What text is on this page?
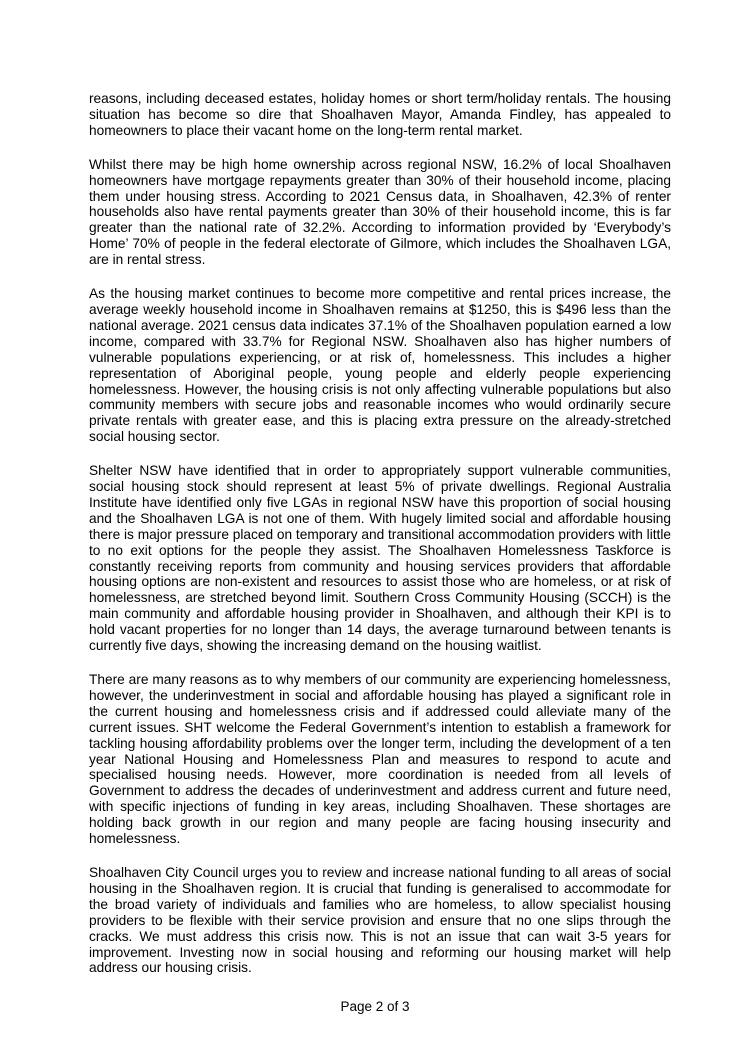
reasons, including deceased estates, holiday homes or short term/holiday rentals. The housing situation has become so dire that Shoalhaven Mayor, Amanda Findley, has appealed to homeowners to place their vacant home on the long-term rental market.

Whilst there may be high home ownership across regional NSW, 16.2% of local Shoalhaven homeowners have mortgage repayments greater than 30% of their household income, placing them under housing stress. According to 2021 Census data, in Shoalhaven, 42.3% of renter households also have rental payments greater than 30% of their household income, this is far greater than the national rate of 32.2%. According to information provided by ‘Everybody’s Home’ 70% of people in the federal electorate of Gilmore, which includes the Shoalhaven LGA, are in rental stress.

As the housing market continues to become more competitive and rental prices increase, the average weekly household income in Shoalhaven remains at $1250, this is $496 less than the national average. 2021 census data indicates 37.1% of the Shoalhaven population earned a low income, compared with 33.7% for Regional NSW. Shoalhaven also has higher numbers of vulnerable populations experiencing, or at risk of, homelessness. This includes a higher representation of Aboriginal people, young people and elderly people experiencing homelessness. However, the housing crisis is not only affecting vulnerable populations but also community members with secure jobs and reasonable incomes who would ordinarily secure private rentals with greater ease, and this is placing extra pressure on the already-stretched social housing sector.

Shelter NSW have identified that in order to appropriately support vulnerable communities, social housing stock should represent at least 5% of private dwellings. Regional Australia Institute have identified only five LGAs in regional NSW have this proportion of social housing and the Shoalhaven LGA is not one of them. With hugely limited social and affordable housing there is major pressure placed on temporary and transitional accommodation providers with little to no exit options for the people they assist. The Shoalhaven Homelessness Taskforce is constantly receiving reports from community and housing services providers that affordable housing options are non-existent and resources to assist those who are homeless, or at risk of homelessness, are stretched beyond limit. Southern Cross Community Housing (SCCH) is the main community and affordable housing provider in Shoalhaven, and although their KPI is to hold vacant properties for no longer than 14 days, the average turnaround between tenants is currently five days, showing the increasing demand on the housing waitlist.

There are many reasons as to why members of our community are experiencing homelessness, however, the underinvestment in social and affordable housing has played a significant role in the current housing and homelessness crisis and if addressed could alleviate many of the current issues. SHT welcome the Federal Government’s intention to establish a framework for tackling housing affordability problems over the longer term, including the development of a ten year National Housing and Homelessness Plan and measures to respond to acute and specialised housing needs. However, more coordination is needed from all levels of Government to address the decades of underinvestment and address current and future need, with specific injections of funding in key areas, including Shoalhaven. These shortages are holding back growth in our region and many people are facing housing insecurity and homelessness.

Shoalhaven City Council urges you to review and increase national funding to all areas of social housing in the Shoalhaven region. It is crucial that funding is generalised to accommodate for the broad variety of individuals and families who are homeless, to allow specialist housing providers to be flexible with their service provision and ensure that no one slips through the cracks. We must address this crisis now. This is not an issue that can wait 3-5 years for improvement. Investing now in social housing and reforming our housing market will help address our housing crisis.

Page 2 of 3
